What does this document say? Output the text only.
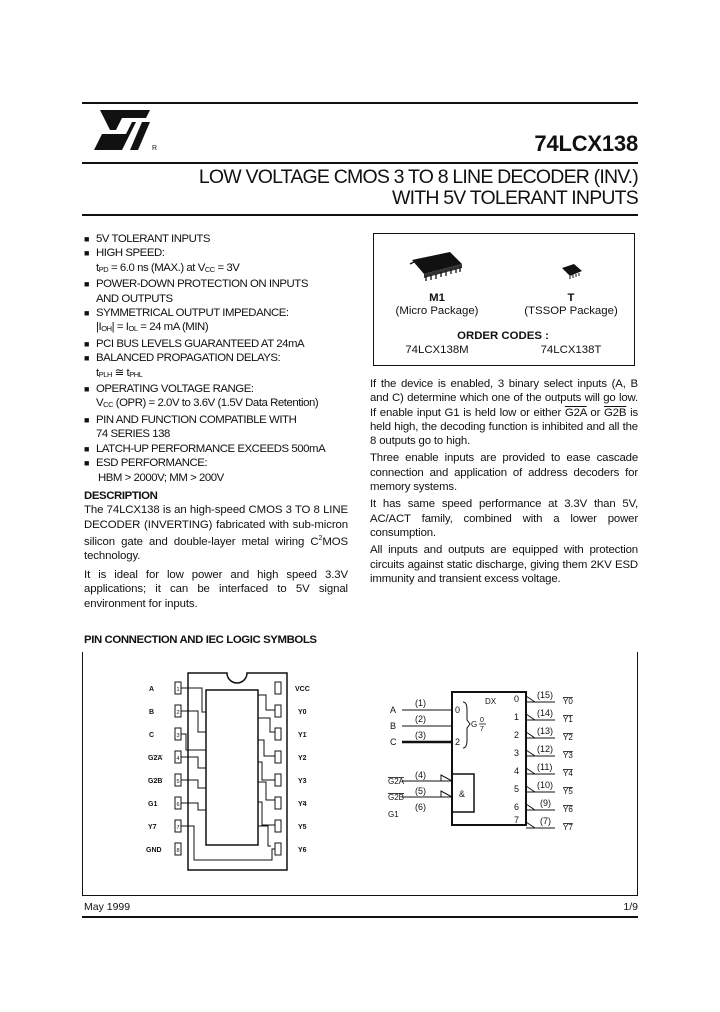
R	74LCX138
LOW VOLTAGE CMOS 3 TO 8 LINE DECODER (INV.)
WITH 5V TOLERANT INPUTS
■ 5V TOLERANT INPUTS
■ HIGH SPEED:
$t_{PD} = 6.0$ ns (MAX.) at $V_{CC} = 3V$
■ POWER-DOWN PROTECTION ON INPUTS
AND OUTPUTS
■ SYMMETRICAL OUTPUT IMPEDANCE:
$|I_{OH}| = I_{OL} = 24$ mA (MIN)
■ PCI BUS LEVELS GUARANTEED AT 24mA
■ BALANCED PROPAGATION DELAYS:
$t_{PLH}$ ≅ $t_{PHL}$
■ OPERATING VOLTAGE RANGE:
$V_{CC}$ (OPR) = 2.0V to 3.6V (1.5V Data Retention)
■ PIN AND FUNCTION COMPATIBLE WITH
74 SERIES 138
■ LATCH-UP PERFORMANCE EXCEEDS 500mA
■ ESD PERFORMANCE:
HBM > 2000V; MM > 200V
DESCRIPTION

The 74LCX138 is an high-speed CMOS 3 TO 8 LINE DECODER (INVERTING) fabricated with sub-micron silicon gate and double-layer metal wiring $C^2MOS$ technology.

It is ideal for low power and high speed 3.3V applications; it can be interfaced to 5V signal environment for inputs.

M1
(Micro Package)
T
(TSSOP Package)
ORDER CODES :
74LCX138M	74LCX138T

If the device is enabled, 3 binary select inputs (A, B and C) determine which one of the outputs will go low. If enable input G1 is held low or either G2A or G2B is held high, the decoding function is inhibited and all the 8 outputs go to high.

Three enable inputs are provided to ease cascade connection and application of address decoders for memory systems.

It has same speed performance at 3.3V than 5V, AC/ACT family, combined with a lower power consumption.

All inputs and outputs are equipped with protection circuits against static discharge, giving them 2KV ESD immunity and transient excess voltage.

PIN CONNECTION AND IEC LOGIC SYMBOLS
1
2
3
4
5
6
7
8
A
B
C
G2A
G2B
G1
Y7
GND
VCC
Y0
Y1
Y2
Y3
Y4
Y5
Y6
DX
A
B
C
(1)
(2)
(3)
0
2
G 0
7
G2A
G2B
G1
(4)
(5)
(6)
&
0
1
2
3
4
5
6
7
(15)
(14)
(13)
(12)
(11)
(10)
(9)
(7)
Y0
Y1
Y2
Y3
Y4
Y5
Y6
Y7
May 1999	1/9
